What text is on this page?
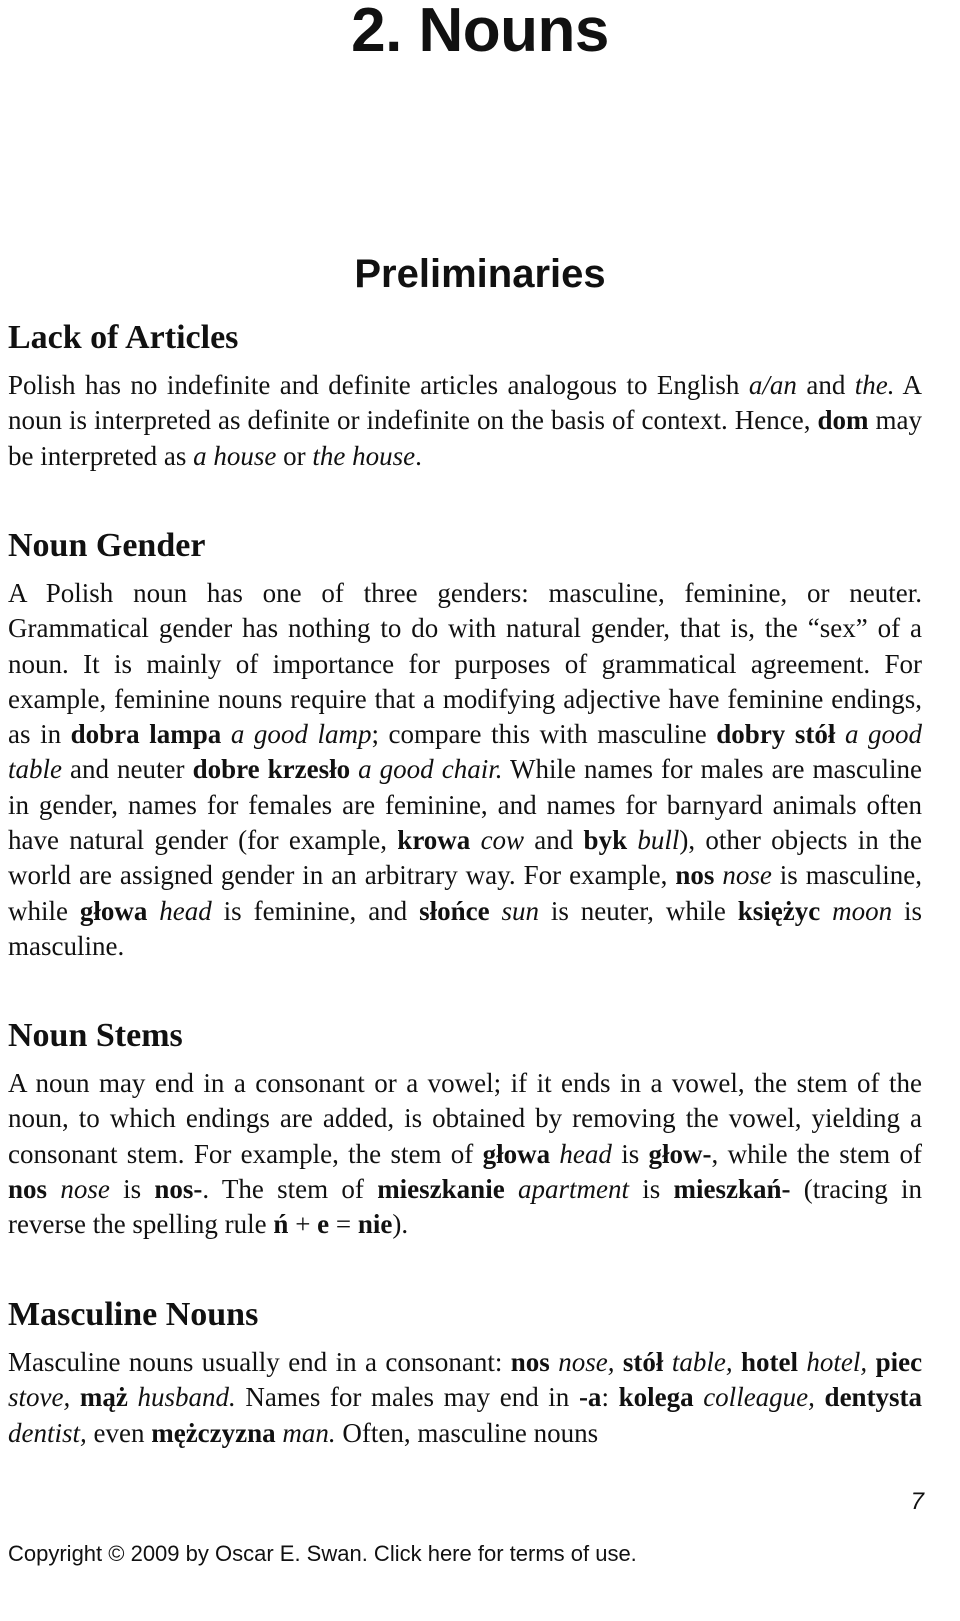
2. Nouns
Preliminaries
Lack of Articles

Polish has no indefinite and definite articles analogous to English a/an and the. A noun is interpreted as definite or indefinite on the basis of context. Hence, dom may be interpreted as a house or the house.

Noun Gender

A Polish noun has one of three genders: masculine, feminine, or neuter. Grammatical gender has nothing to do with natural gender, that is, the “sex” of a noun. It is mainly of importance for purposes of grammatical agreement. For example, feminine nouns require that a modifying adjective have feminine endings, as in dobra lampa a good lamp; compare this with masculine dobry stół a good table and neuter dobre krzesło a good chair. While names for males are masculine in gender, names for females are feminine, and names for barnyard animals often have natural gender (for example, krowa cow and byk bull), other objects in the world are assigned gender in an arbitrary way. For example, nos nose is masculine, while głowa head is feminine, and słońce sun is neuter, while księżyc moon is masculine.

Noun Stems

A noun may end in a consonant or a vowel; if it ends in a vowel, the stem of the noun, to which endings are added, is obtained by removing the vowel, yielding a consonant stem. For example, the stem of głowa head is głow-, while the stem of nos nose is nos-. The stem of mieszkanie apartment is mieszkań- (tracing in reverse the spelling rule ń + e = nie).

Masculine Nouns

Masculine nouns usually end in a consonant: nos nose, stół table, hotel hotel, piec stove, mąż husband. Names for males may end in -a: kolega colleague, dentysta dentist, even mężczyzna man. Often, masculine nouns

7
Copyright © 2009 by Oscar E. Swan. Click here for terms of use.
